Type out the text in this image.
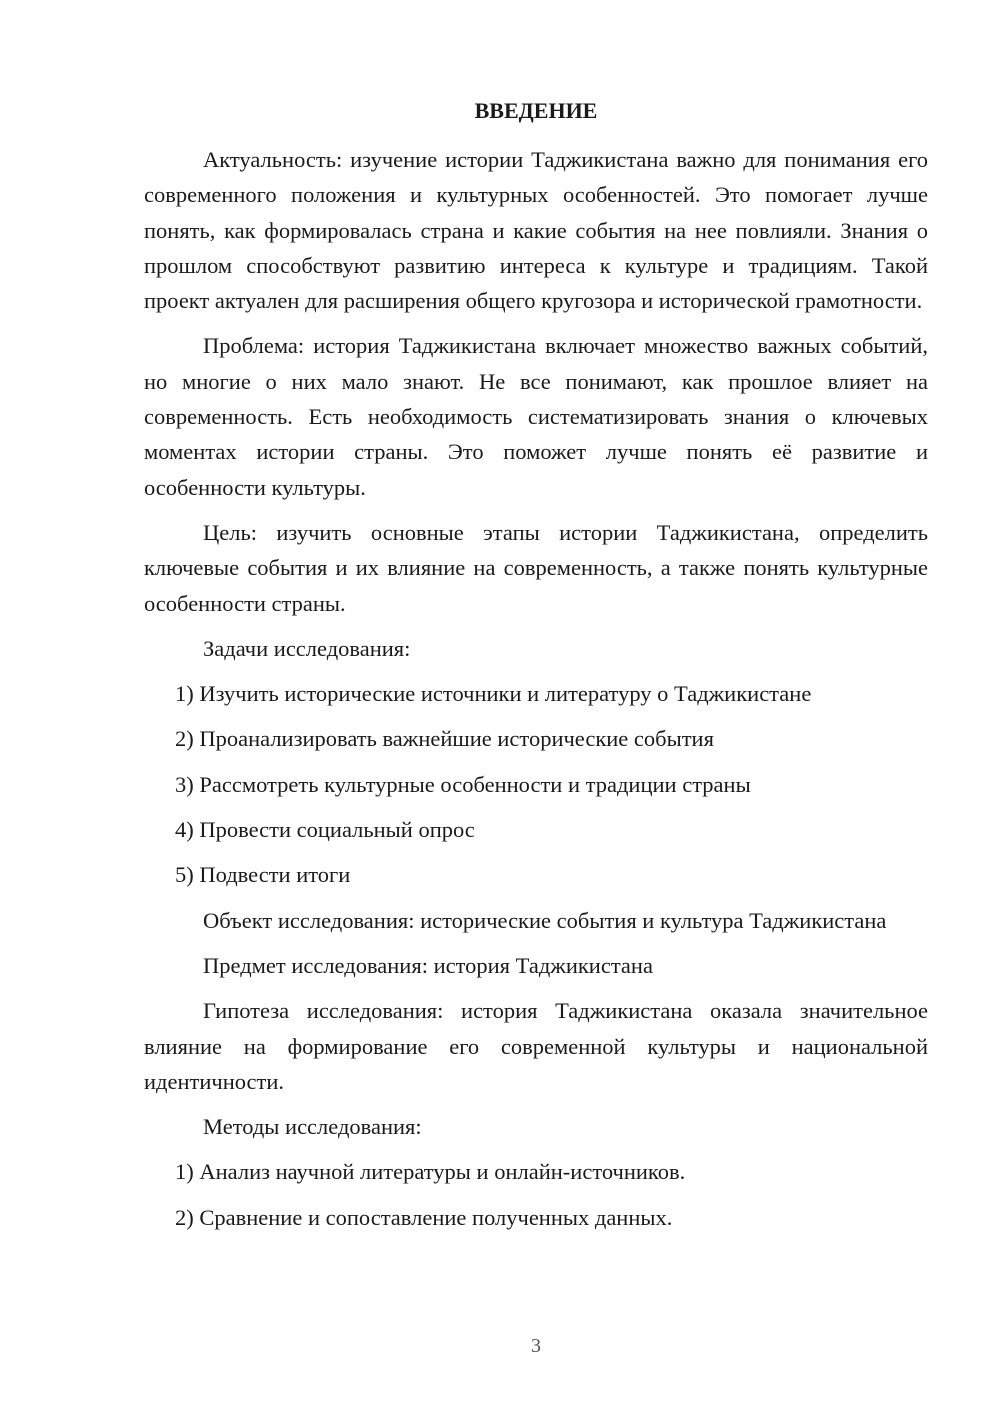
ВВЕДЕНИЕ

Актуальность: изучение истории Таджикистана важно для понимания его современного положения и культурных особенностей. Это помогает лучше понять, как формировалась страна и какие события на нее повлияли. Знания о прошлом способствуют развитию интереса к культуре и традициям. Такой проект актуален для расширения общего кругозора и исторической грамотности.

Проблема: история Таджикистана включает множество важных событий, но многие о них мало знают. Не все понимают, как прошлое влияет на современность. Есть необходимость систематизировать знания о ключевых моментах истории страны. Это поможет лучше понять её развитие и особенности культуры.

Цель: изучить основные этапы истории Таджикистана, определить ключевые события и их влияние на современность, а также понять культурные особенности страны.

Задачи исследования:

1) Изучить исторические источники и литературу о Таджикистане

2) Проанализировать важнейшие исторические события

3) Рассмотреть культурные особенности и традиции страны

4) Провести социальный опрос

5) Подвести итоги

Объект исследования: исторические события и культура Таджикистана

Предмет исследования: история Таджикистана

Гипотеза исследования: история Таджикистана оказала значительное влияние на формирование его современной культуры и национальной идентичности.

Методы исследования:

1) Анализ научной литературы и онлайн-источников.

2) Сравнение и сопоставление полученных данных.

3
